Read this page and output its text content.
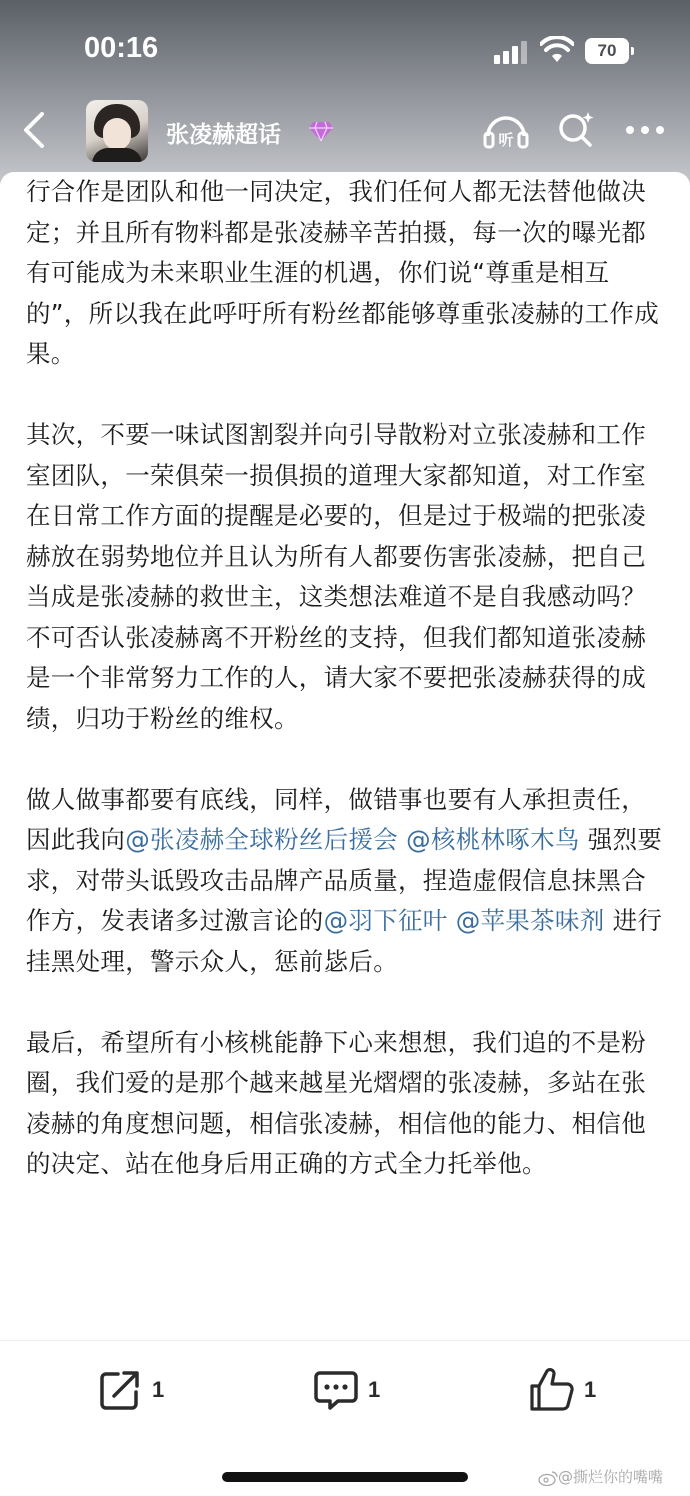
00:16	70
张凌赫超话	听

行合作是团队和他一同决定，我们任何人都无法替他做决定；并且所有物料都是张凌赫辛苦拍摄，每一次的曝光都有可能成为未来职业生涯的机遇，你们说“尊重是相互的”，所以我在此呼吁所有粉丝都能够尊重张凌赫的工作成果。

其次，不要一味试图割裂并向引导散粉对立张凌赫和工作室团队，一荣俱荣一损俱损的道理大家都知道，对工作室在日常工作方面的提醒是必要的，但是过于极端的把张凌赫放在弱势地位并且认为所有人都要伤害张凌赫，把自己当成是张凌赫的救世主，这类想法难道不是自我感动吗？不可否认张凌赫离不开粉丝的支持，但我们都知道张凌赫是一个非常努力工作的人，请大家不要把张凌赫获得的成绩，归功于粉丝的维权。

做人做事都要有底线，同样，做错事也要有人承担责任，因此我向@张凌赫全球粉丝后援会 @核桃林啄木鸟 强烈要求，对带头诋毁攻击品牌产品质量，捏造虚假信息抹黑合作方，发表诸多过激言论的@羽下征叶 @苹果茶味剂 进行挂黑处理，警示众人，惩前毖后。

最后，希望所有小核桃能静下心来想想，我们追的不是粉圈，我们爱的是那个越来越星光熠熠的张凌赫，多站在张凌赫的角度想问题，相信张凌赫，相信他的能力、相信他的决定、站在他身后用正确的方式全力托举他。

1	1	1
@撕烂你的嘴嘴
